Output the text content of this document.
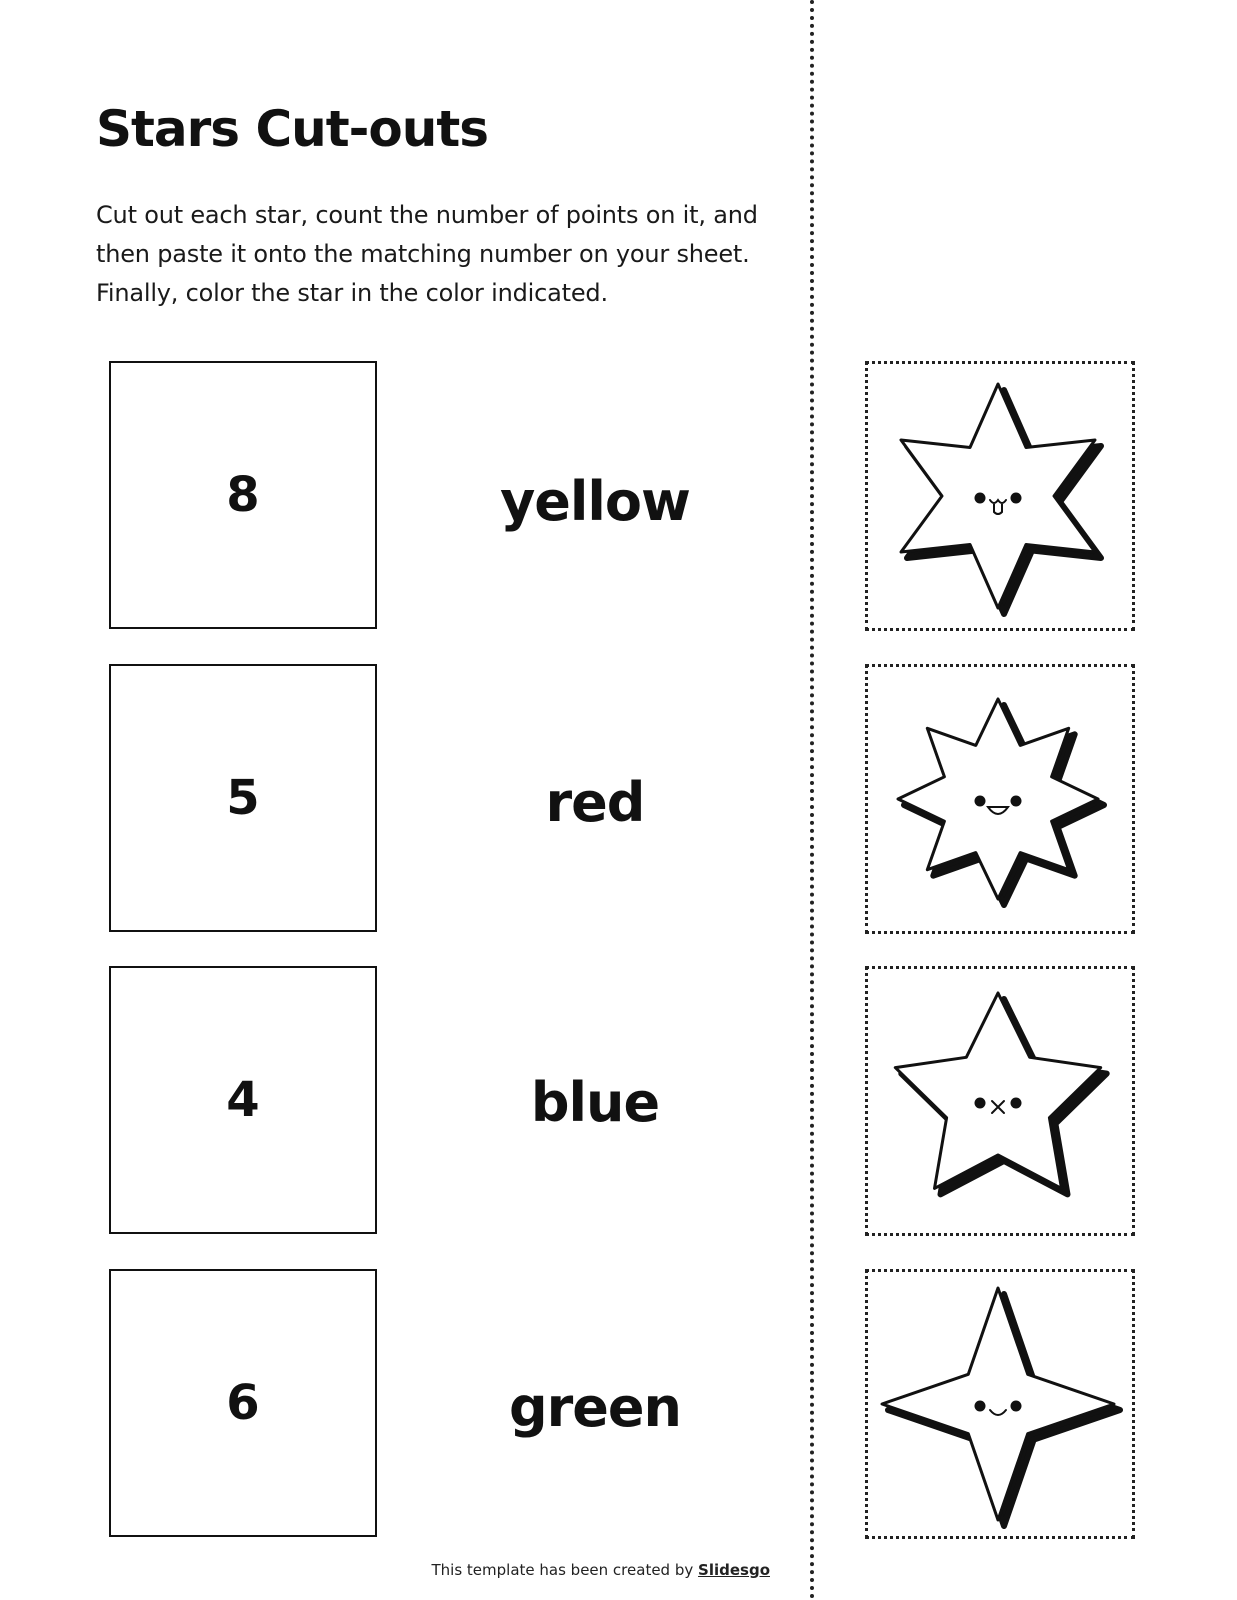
Stars Cut-outs

Cut out each star, count the number of points on it, and then paste it onto the matching number on your sheet. Finally, color the star in the color indicated.

8	yellow
5	red
4	blue
6	green

This template has been created by Slidesgo
